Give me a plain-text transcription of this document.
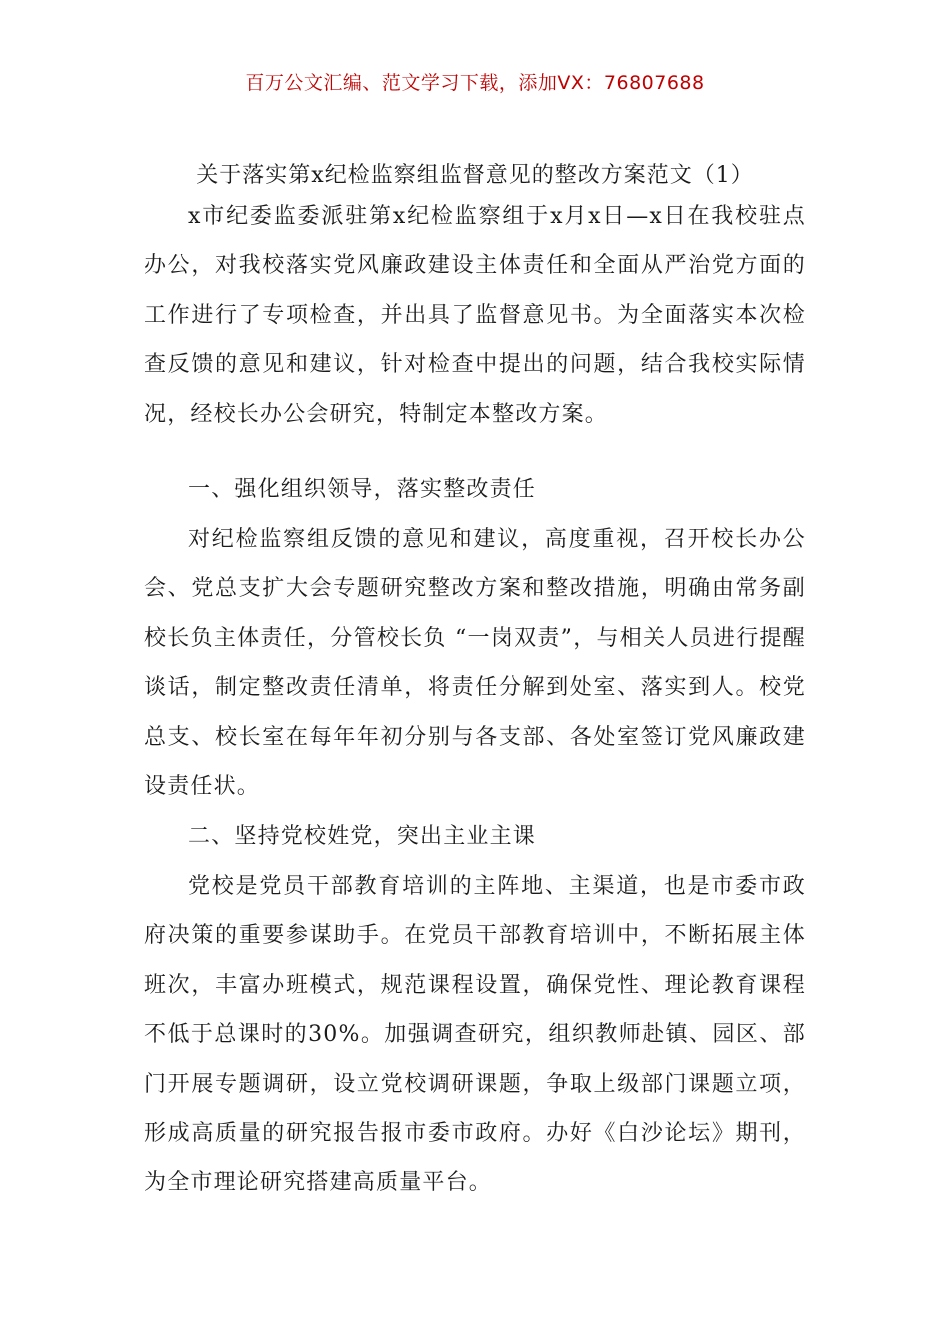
百万公文汇编、范文学习下载，添加VX：76807688
关于落实第x纪检监察组监督意见的整改方案范文（1）

x市纪委监委派驻第x纪检监察组于x月x日—x日在我校驻点办公，对我校落实党风廉政建设主体责任和全面从严治党方面的工作进行了专项检查，并出具了监督意见书。为全面落实本次检查反馈的意见和建议，针对检查中提出的问题，结合我校实际情况，经校长办公会研究，特制定本整改方案。

一、强化组织领导，落实整改责任

对纪检监察组反馈的意见和建议，高度重视，召开校长办公会、党总支扩大会专题研究整改方案和整改措施，明确由常务副校长负主体责任，分管校长负 “一岗双责”，与相关人员进行提醒谈话，制定整改责任清单，将责任分解到处室、落实到人。校党总支、校长室在每年年初分别与各支部、各处室签订党风廉政建设责任状。

二、坚持党校姓党，突出主业主课

党校是党员干部教育培训的主阵地、主渠道，也是市委市政府决策的重要参谋助手。在党员干部教育培训中，不断拓展主体班次，丰富办班模式，规范课程设置，确保党性、理论教育课程不低于总课时的30%。加强调查研究，组织教师赴镇、园区、部门开展专题调研，设立党校调研课题，争取上级部门课题立项，形成高质量的研究报告报市委市政府。办好《白沙论坛》期刊，为全市理论研究搭建高质量平台。
